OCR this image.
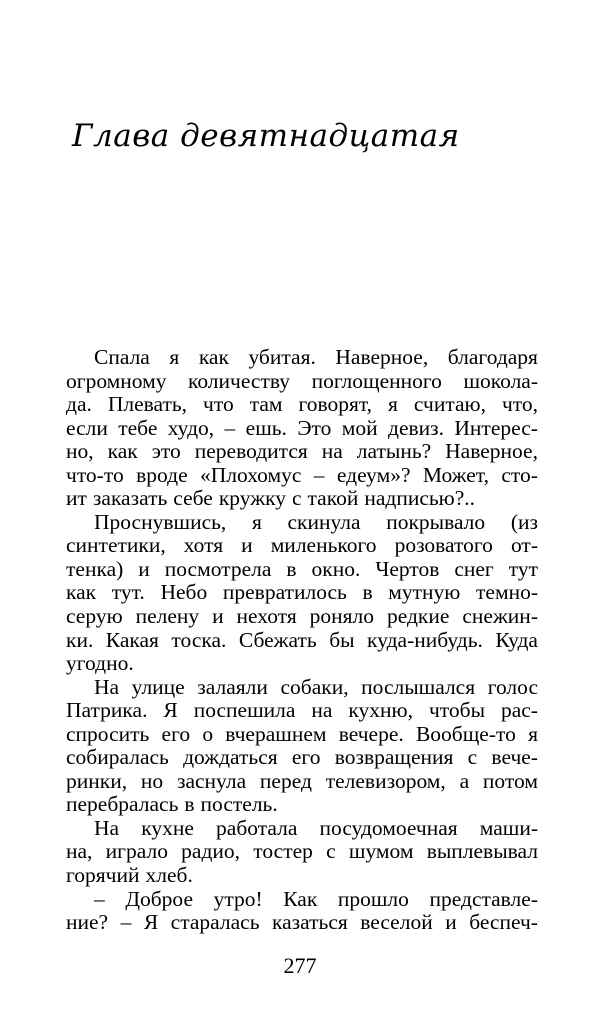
Глава девятнадцатая
Спала я как убитая. Наверное, благодаря
огромному количеству поглощенного шокола-
да. Плевать, что там говорят, я считаю, что,
если тебе худо, – ешь. Это мой девиз. Интерес-
но, как это переводится на латынь? Наверное,
что-то вроде «Плохомус – едеум»? Может, сто-
ит заказать себе кружку с такой надписью?..
Проснувшись, я скинула покрывало (из
синтетики, хотя и миленького розоватого от-
тенка) и посмотрела в окно. Чертов снег тут
как тут. Небо превратилось в мутную темно-
серую пелену и нехотя роняло редкие снежин-
ки. Какая тоска. Сбежать бы куда-нибудь. Куда
угодно.
На улице залаяли собаки, послышался голос
Патрика. Я поспешила на кухню, чтобы рас-
спросить его о вчерашнем вечере. Вообще-то я
собиралась дождаться его возвращения с вече-
ринки, но заснула перед телевизором, а потом
перебралась в постель.
На кухне работала посудомоечная маши-
на, играло радио, тостер с шумом выплевывал
горячий хлеб.
– Доброе утро! Как прошло представле-
ние? – Я старалась казаться веселой и беспеч-
277
